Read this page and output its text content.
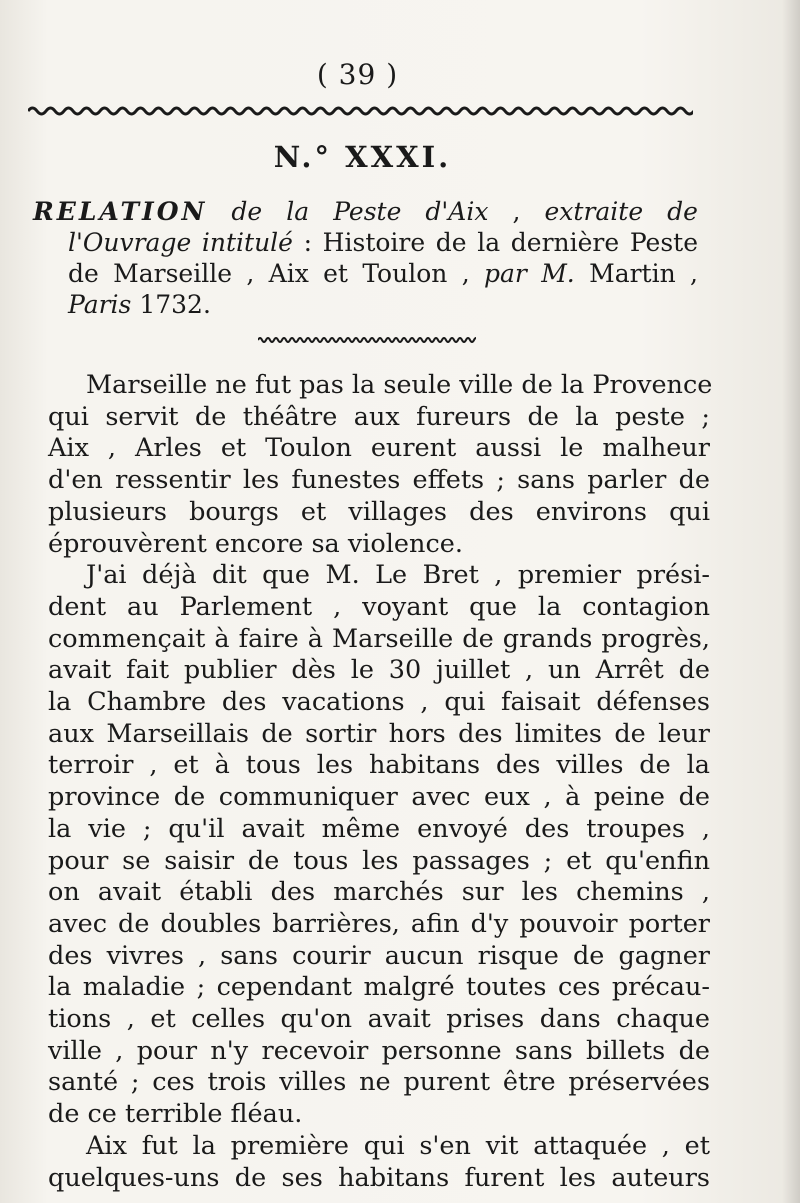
( 39 )
N.° XXXI.
RELATION de la Peste d'Aix , extraite de
l'Ouvrage intitulé : Histoire de la dernière Peste
de Marseille , Aix et Toulon , par M. Martin ,
Paris 1732.
Marseille ne fut pas la seule ville de la Provence
qui servit de théâtre aux fureurs de la peste ;
Aix , Arles et Toulon eurent aussi le malheur
d'en ressentir les funestes effets ; sans parler de
plusieurs bourgs et villages des environs qui
éprouvèrent encore sa violence.
J'ai déjà dit que M. Le Bret , premier prési-
dent au Parlement , voyant que la contagion
commençait à faire à Marseille de grands progrès,
avait fait publier dès le 30 juillet , un Arrêt de
la Chambre des vacations , qui faisait défenses
aux Marseillais de sortir hors des limites de leur
terroir , et à tous les habitans des villes de la
province de communiquer avec eux , à peine de
la vie ; qu'il avait même envoyé des troupes ,
pour se saisir de tous les passages ; et qu'enfin
on avait établi des marchés sur les chemins ,
avec de doubles barrières, afin d'y pouvoir porter
des vivres , sans courir aucun risque de gagner
la maladie ; cependant malgré toutes ces précau-
tions , et celles qu'on avait prises dans chaque
ville , pour n'y recevoir personne sans billets de
santé ; ces trois villes ne purent être préservées
de ce terrible fléau.
Aix fut la première qui s'en vit attaquée , et
quelques-uns de ses habitans furent les auteurs
